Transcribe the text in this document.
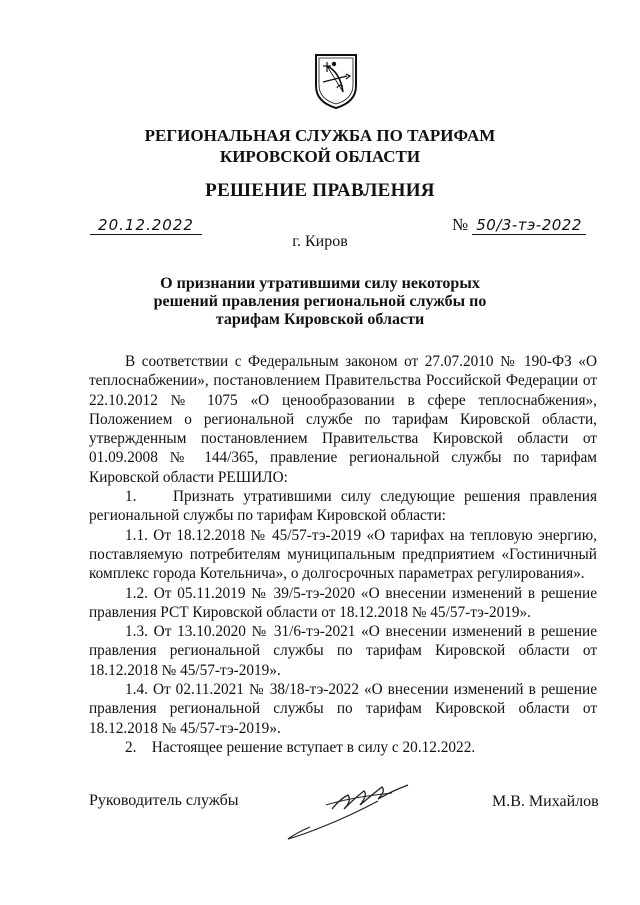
РЕГИОНАЛЬНАЯ СЛУЖБА ПО ТАРИФАМ
КИРОВСКОЙ ОБЛАСТИ
РЕШЕНИЕ ПРАВЛЕНИЯ
20.12.2022	№ 50/3-тэ-2022
г. Киров
О признании утратившими силу некоторых
решений правления региональной службы по
тарифам Кировской области

В соответствии с Федеральным законом от 27.07.2010 № 190-ФЗ «О теплоснабжении», постановлением Правительства Российской Федерации от 22.10.2012 № 1075 «О ценообразовании в сфере теплоснабжения», Положением о региональной службе по тарифам Кировской области, утвержденным постановлением Правительства Кировской области от 01.09.2008 № 144/365, правление региональной службы по тарифам Кировской области РЕШИЛО:

1.    Признать утратившими силу следующие решения правления региональной службы по тарифам Кировской области:

1.1. От 18.12.2018 № 45/57-тэ-2019 «О тарифах на тепловую энергию, поставляемую потребителям муниципальным предприятием «Гостиничный комплекс города Котельнича», о долгосрочных параметрах регулирования».

1.2. От 05.11.2019 № 39/5-тэ-2020 «О внесении изменений в решение правления РСТ Кировской области от 18.12.2018 № 45/57-тэ-2019».

1.3. От 13.10.2020 № 31/6-тэ-2021 «О внесении изменений в решение правления региональной службы по тарифам Кировской области от 18.12.2018 № 45/57-тэ-2019».

1.4. От 02.11.2021 № 38/18-тэ-2022 «О внесении изменений в решение правления региональной службы по тарифам Кировской области от 18.12.2018 № 45/57-тэ-2019».

2.    Настоящее решение вступает в силу с 20.12.2022.

Руководитель службы	М.В. Михайлов
